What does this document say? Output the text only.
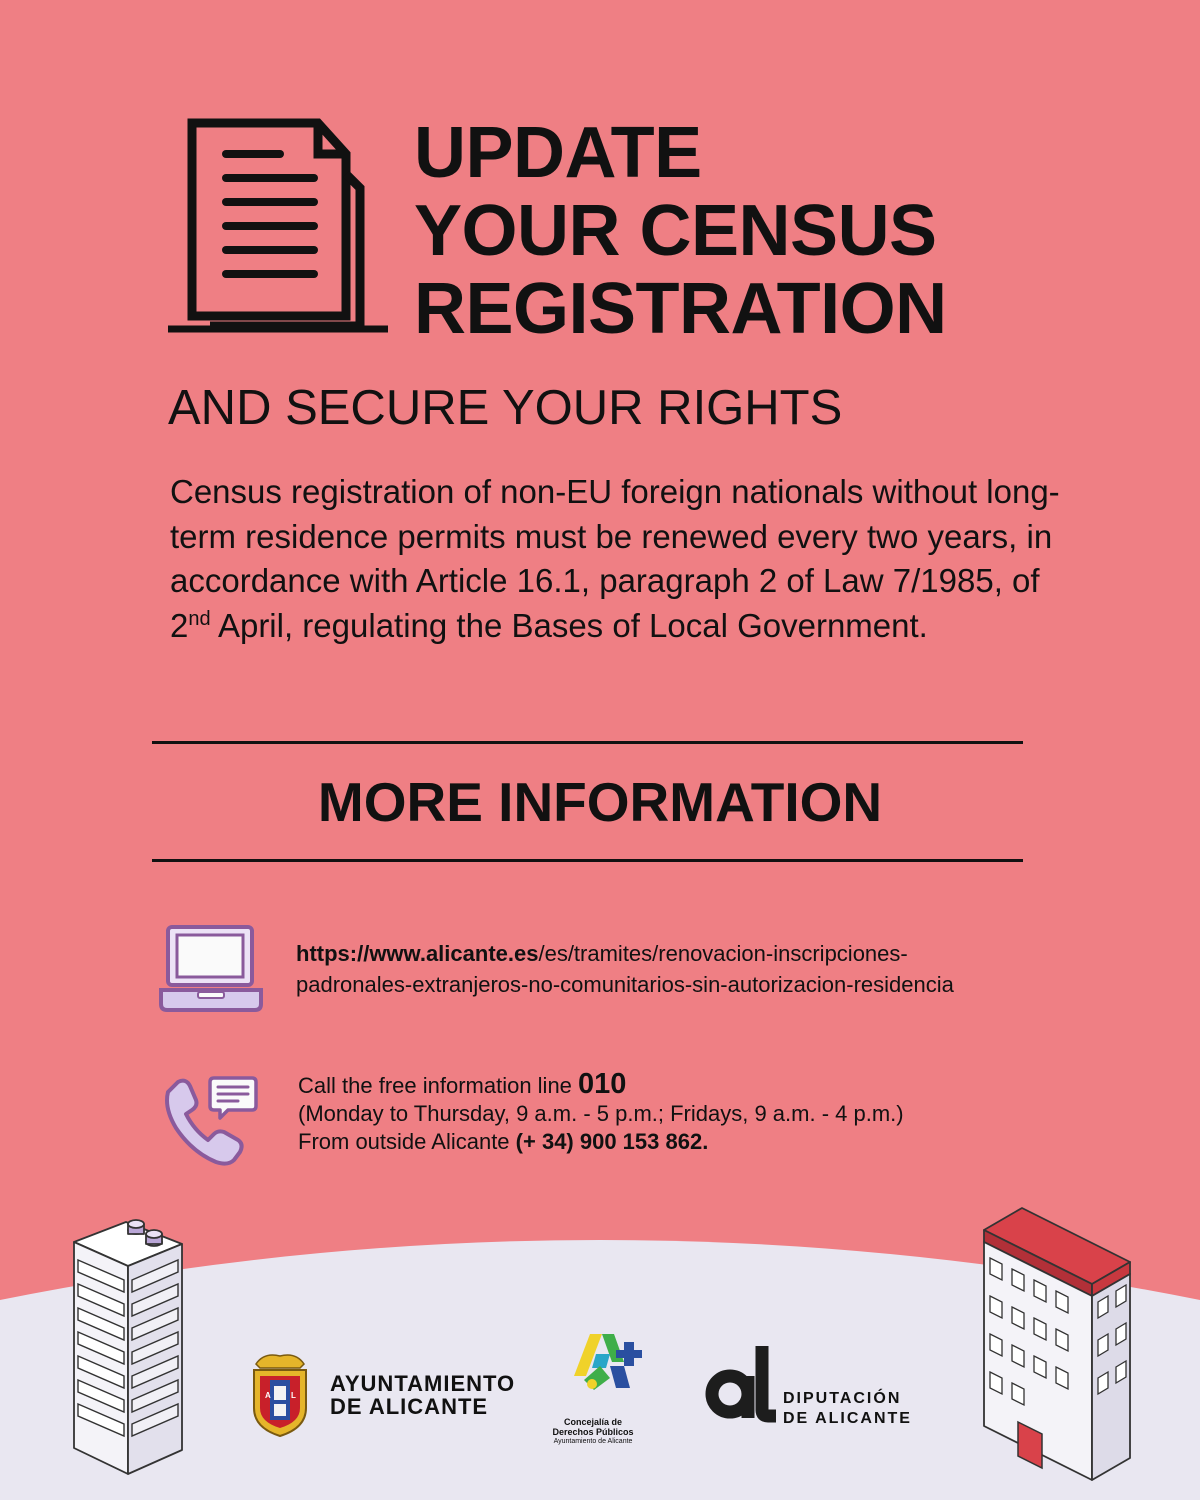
UPDATE
YOUR CENSUS
REGISTRATION
AND SECURE YOUR RIGHTS

Census registration of non-EU foreign nationals without long-term residence permits must be renewed every two years, in accordance with Article 16.1, paragraph 2 of Law 7/1985, of 2nd April, regulating the Bases of Local Government.

MORE INFORMATION
https://www.alicante.es/es/tramites/renovacion-inscripciones-
padronales-extranjeros-no-comunitarios-sin-autorizacion-residencia
Call the free information line 010
(Monday to Thursday, 9 a.m. - 5 p.m.; Fridays, 9 a.m. - 4 p.m.)
From outside Alicante (+ 34) 900 153 862.
A	L AYUNTAMIENTO
DE ALICANTE
Concejalía de
Derechos Públicos
Ayuntamiento de Alicante
DIPUTACIÓN
DE ALICANTE
